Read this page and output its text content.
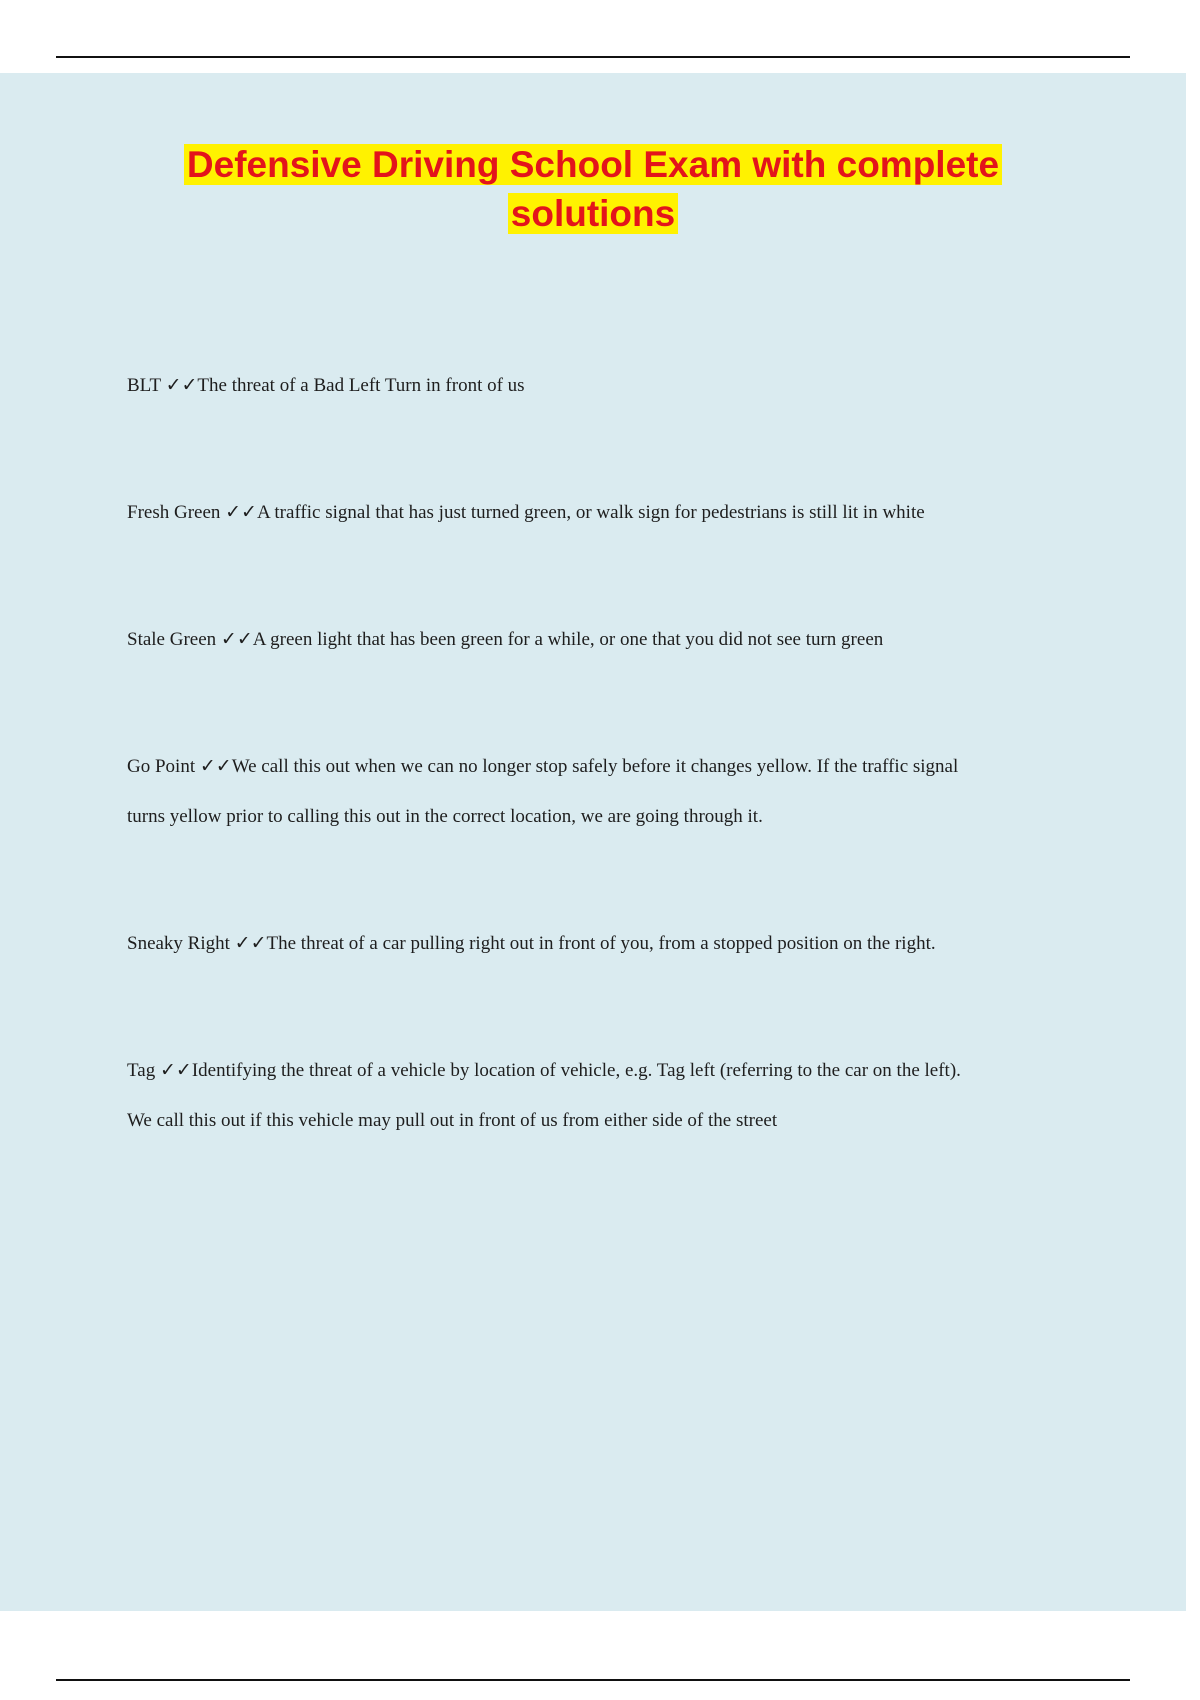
Defensive Driving School Exam with complete solutions
BLT ✓✓The threat of a Bad Left Turn in front of us
Fresh Green ✓✓A traffic signal that has just turned green, or walk sign for pedestrians is still lit in white
Stale Green ✓✓A green light that has been green for a while, or one that you did not see turn green
Go Point ✓✓We call this out when we can no longer stop safely before it changes yellow. If the traffic signal turns yellow prior to calling this out in the correct location, we are going through it.
Sneaky Right ✓✓The threat of a car pulling right out in front of you, from a stopped position on the right.
Tag ✓✓Identifying the threat of a vehicle by location of vehicle, e.g. Tag left (referring to the car on the left). We call this out if this vehicle may pull out in front of us from either side of the street
